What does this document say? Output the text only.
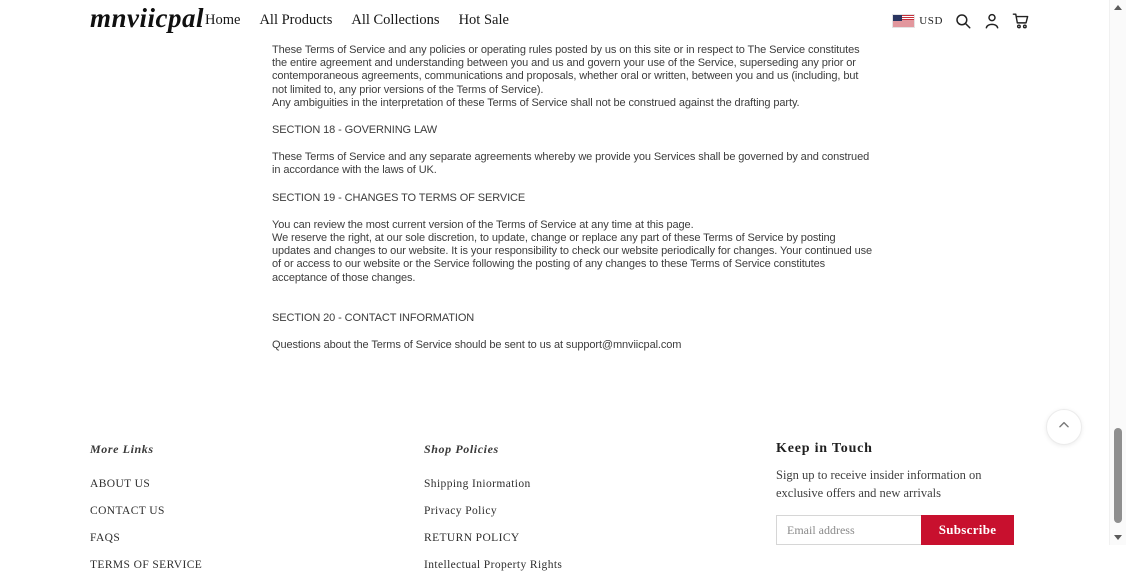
mnviicpal Home All Products All Collections Hot Sale	USD

These Terms of Service and any policies or operating rules posted by us on this site or in respect to The Service constitutes the entire agreement and understanding between you and us and govern your use of the Service, superseding any prior or contemporaneous agreements, communications and proposals, whether oral or written, between you and us (including, but not limited to, any prior versions of the Terms of Service).

Any ambiguities in the interpretation of these Terms of Service shall not be construed against the drafting party.

SECTION 18 - GOVERNING LAW

These Terms of Service and any separate agreements whereby we provide you Services shall be governed by and construed in accordance with the laws of UK.

SECTION 19 - CHANGES TO TERMS OF SERVICE

You can review the most current version of the Terms of Service at any time at this page.

We reserve the right, at our sole discretion, to update, change or replace any part of these Terms of Service by posting updates and changes to our website. It is your responsibility to check our website periodically for changes. Your continued use of or access to our website or the Service following the posting of any changes to these Terms of Service constitutes acceptance of those changes.

SECTION 20 - CONTACT INFORMATION

Questions about the Terms of Service should be sent to us at support@mnviicpal.com

More Links

ABOUT US
CONTACT US
FAQS
TERMS OF SERVICE

Shop Policies

Shipping Iniormation
Privacy Policy
RETURN POLICY
Intellectual Property Rights

Keep in Touch

Sign up to receive insider information on exclusive offers and new arrivals

Email address
Subscribe
